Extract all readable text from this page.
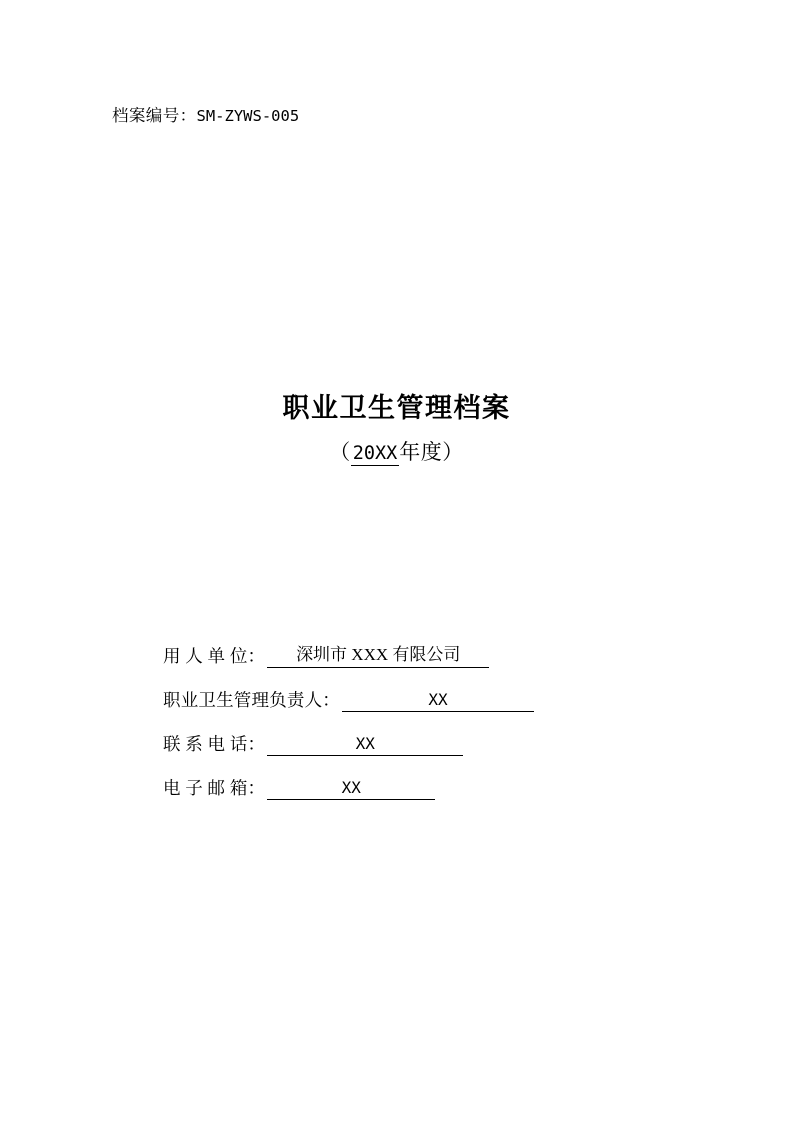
档案编号：SM-ZYWS-005
职业卫生管理档案
（ 20XX年度）
用 人 单 位：	深圳市 XXX 有限公司
职业卫生管理负责人：	XX
联 系 电 话：	XX
电 子 邮 箱：	XX
